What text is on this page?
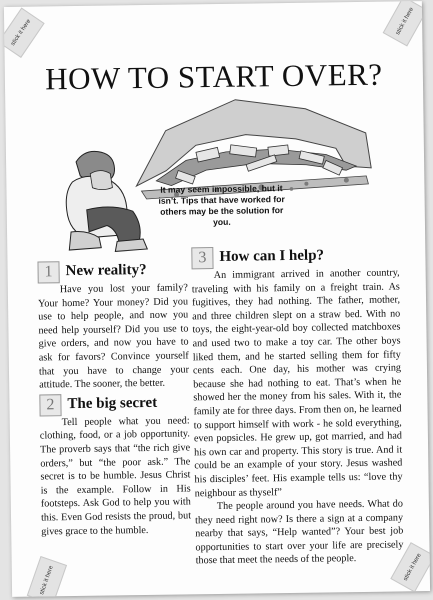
stick it here	stick it here
stick it here	stick it here
HOW TO START OVER?
It may seem impossible, but it isn’t. Tips that have worked for others may be the solution for you.
1 New reality?

Have you lost your family? Your home? Your money? Did you use to help people, and now you need help yourself? Did you use to give orders, and now you have to ask for favors? Convince yourself that you have to change your attitude. The sooner, the better.

2 The big secret

Tell people what you need: clothing, food, or a job opportunity. The proverb says that “the rich give orders,” but “the poor ask.” The secret is to be humble. Jesus Christ is the example. Follow in His footsteps. Ask God to help you with this. Even God resists the proud, but gives grace to the humble.

3 How can I help?

An immigrant arrived in another country, traveling with his family on a freight train. As fugitives, they had nothing. The father, mother, and three children slept on a straw bed. With no toys, the eight-year-old boy collected matchboxes and used two to make a toy car. The other boys liked them, and he started selling them for fifty cents each. One day, his mother was crying because she had nothing to eat. That’s when he showed her the money from his sales. With it, the family ate for three days. From then on, he learned to support himself with work - he sold everything, even popsicles. He grew up, got married, and had his own car and property. This story is true. And it could be an example of your story. Jesus washed his disciples’ feet. His example tells us: “love thy neighbour as thyself”

The people around you have needs. What do they need right now? Is there a sign at a company nearby that says, “Help wanted”? Your best job opportunities to start over your life are precisely those that meet the needs of the people.
